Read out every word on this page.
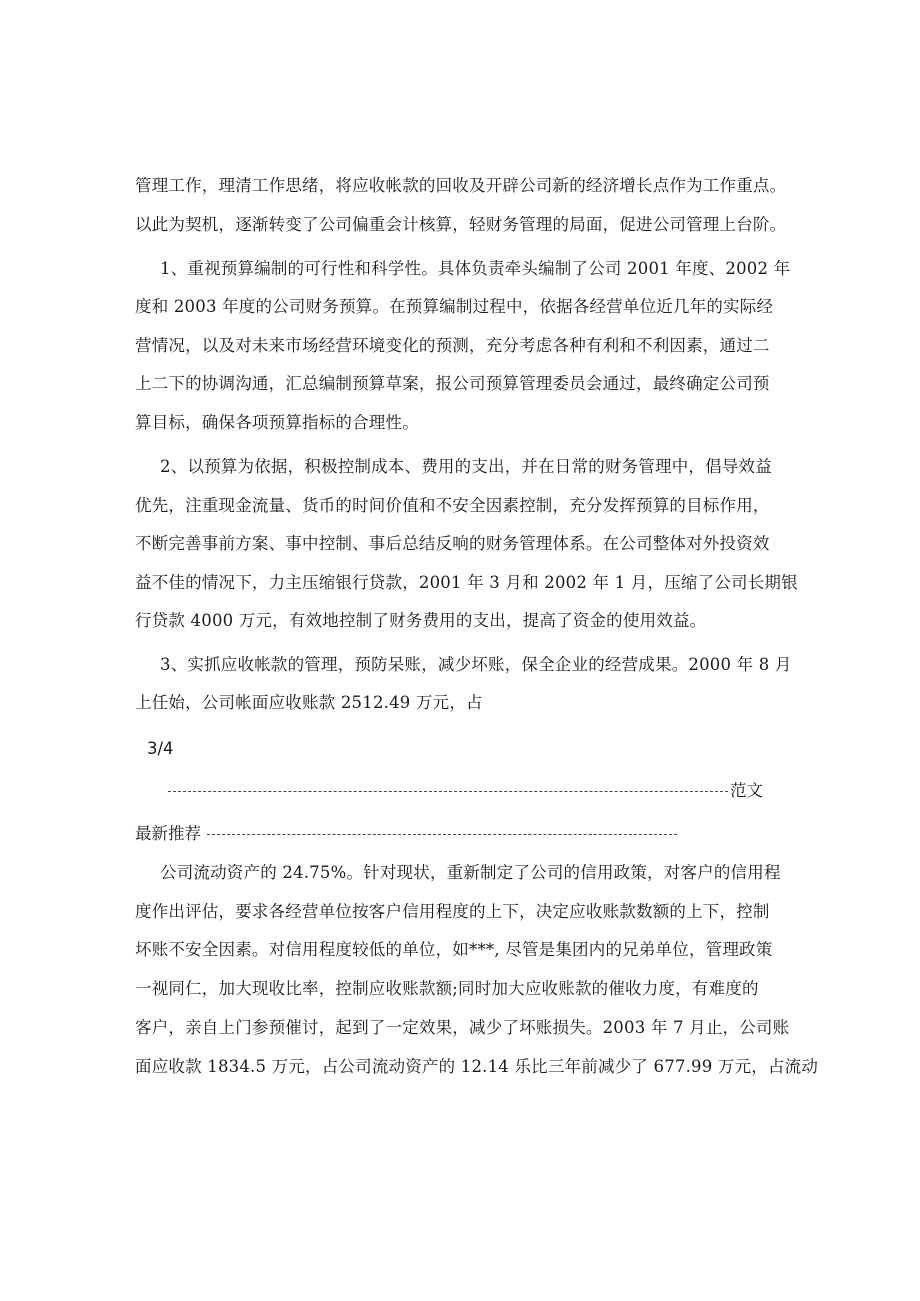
管理工作，理清工作思绪，将应收帐款的回收及开辟公司新的经济增长点作为工作重点。
以此为契机，逐渐转变了公司偏重会计核算，轻财务管理的局面，促进公司管理上台阶。
1、重视预算编制的可行性和科学性。具体负责牵头编制了公司 2001 年度、2002 年
度和 2003 年度的公司财务预算。在预算编制过程中，依据各经营单位近几年的实际经
营情况，以及对未来市场经营环境变化的预测，充分考虑各种有利和不利因素，通过二
上二下的协调沟通，汇总编制预算草案，报公司预算管理委员会通过，最终确定公司预
算目标，确保各项预算指标的合理性。
2、以预算为依据，积极控制成本、费用的支出，并在日常的财务管理中，倡导效益
优先，注重现金流量、货币的时间价值和不安全因素控制，充分发挥预算的目标作用，
不断完善事前方案、事中控制、事后总结反响的财务管理体系。在公司整体对外投资效
益不佳的情况下，力主压缩银行贷款，2001 年 3 月和 2002 年 1 月，压缩了公司长期银
行贷款 4000 万元，有效地控制了财务费用的支出，提高了资金的使用效益。
3、实抓应收帐款的管理，预防呆账，减少坏账，保全企业的经营成果。2000 年 8 月
上任始，公司帐面应收账款 2512.49 万元，占
3/4
范文
最新推荐
公司流动资产的 24.75%。针对现状，重新制定了公司的信用政策，对客户的信用程
度作出评估，要求各经营单位按客户信用程度的上下，决定应收账款数额的上下，控制
坏账不安全因素。对信用程度较低的单位，如***, 尽管是集团内的兄弟单位，管理政策
一视同仁，加大现收比率，控制应收账款额;同时加大应收账款的催收力度，有难度的
客户，亲自上门参预催讨，起到了一定效果，减少了坏账损失。2003 年 7 月止，公司账
面应收款 1834.5 万元，占公司流动资产的 12.14 乐比三年前减少了 677.99 万元，占流动
